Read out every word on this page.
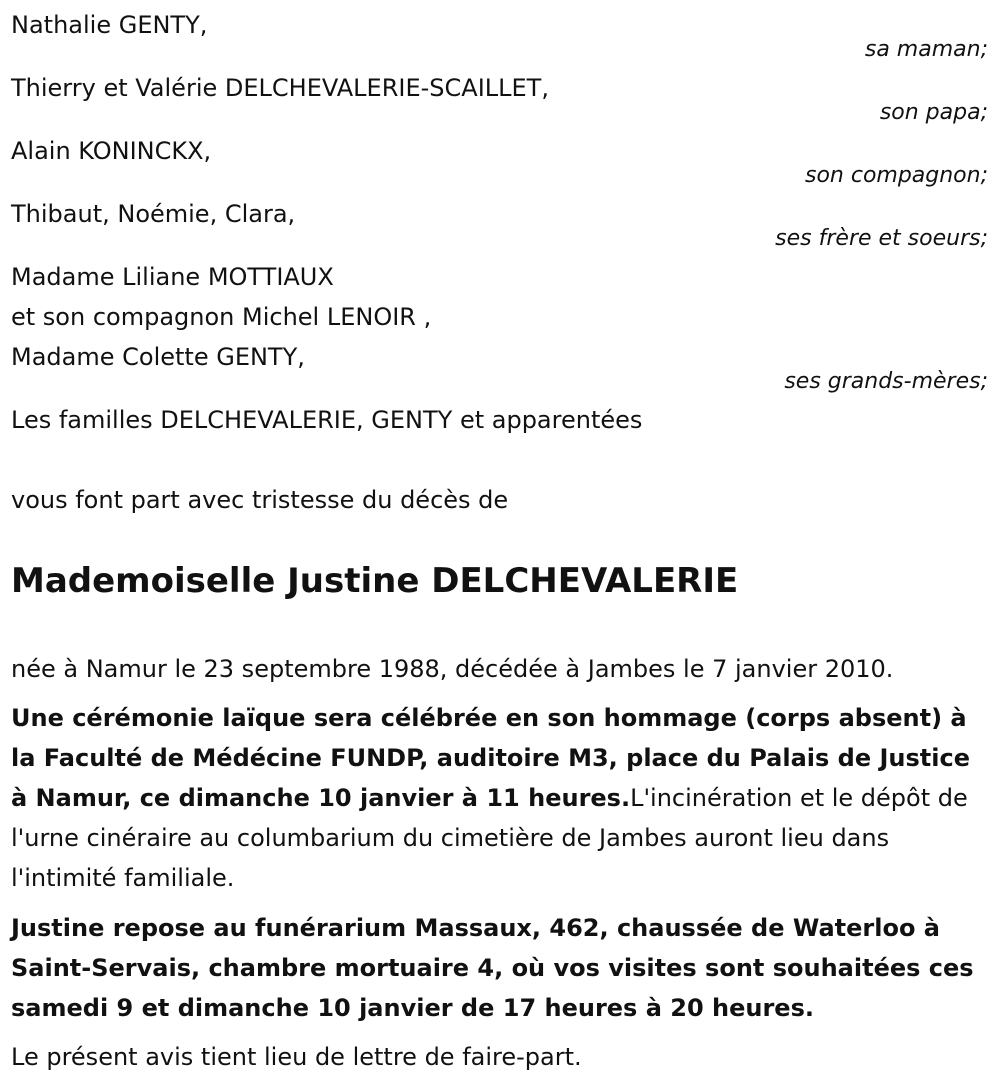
Nathalie GENTY,
sa maman;
Thierry et Valérie DELCHEVALERIE-SCAILLET,
son papa;
Alain KONINCKX,
son compagnon;
Thibaut, Noémie, Clara,
ses frère et soeurs;
Madame Liliane MOTTIAUX
et son compagnon Michel LENOIR ,
Madame Colette GENTY,
ses grands-mères;
Les familles DELCHEVALERIE, GENTY et apparentées
vous font part avec tristesse du décès de
Mademoiselle Justine DELCHEVALERIE
née à Namur le 23 septembre 1988, décédée à Jambes le 7 janvier 2010.
Une cérémonie laïque sera célébrée en son hommage (corps absent) à la Faculté de Médécine FUNDP, auditoire M3, place du Palais de Justice à Namur, ce dimanche 10 janvier à 11 heures.L'incinération et le dépôt de l'urne cinéraire au columbarium du cimetière de Jambes auront lieu dans l'intimité familiale.
Justine repose au funérarium Massaux, 462, chaussée de Waterloo à Saint-Servais, chambre mortuaire 4, où vos visites sont souhaitées ces samedi 9 et dimanche 10 janvier de 17 heures à 20 heures.
Le présent avis tient lieu de lettre de faire-part.
